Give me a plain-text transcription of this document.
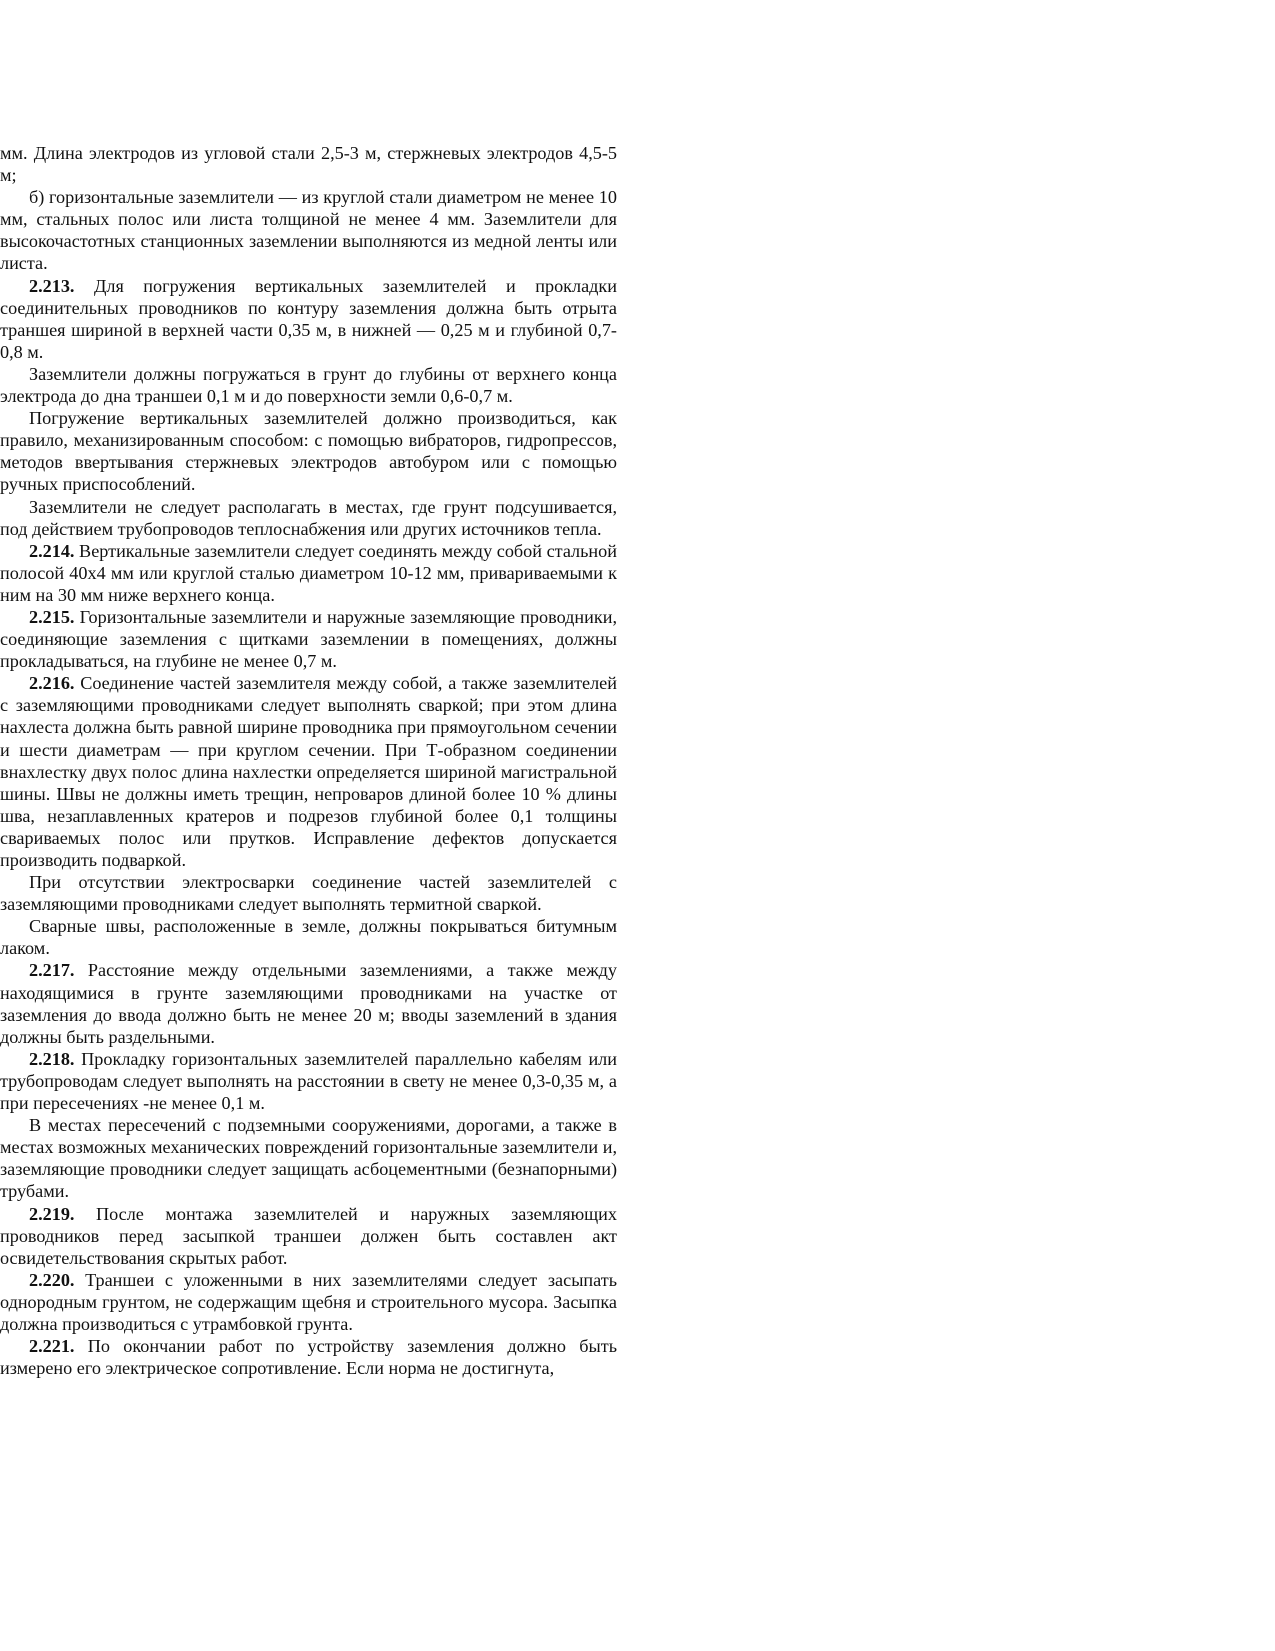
мм. Длина электродов из угловой стали 2,5-3 м, стержневых электродов 4,5-5 м;

б) горизонтальные заземлители — из круглой стали диаметром не менее 10 мм, стальных полос или листа толщиной не менее 4 мм. Заземлители для высокочастотных станционных заземлении выполняются из медной ленты или листа.

2.213. Для погружения вертикальных заземлителей и прокладки соединительных проводников по контуру заземления должна быть отрыта траншея шириной в верхней части 0,35 м, в нижней — 0,25 м и глубиной 0,7-0,8 м.

Заземлители должны погружаться в грунт до глубины от верхнего конца электрода до дна траншеи 0,1 м и до поверхности земли 0,6-0,7 м.

Погружение вертикальных заземлителей должно производиться, как правило, механизированным способом: с помощью вибраторов, гидропрессов, методов ввертывания стержневых электродов автобуром или с помощью ручных приспособлений.

Заземлители не следует располагать в местах, где грунт подсушивается, под действием трубопроводов теплоснабжения или других источников тепла.

2.214. Вертикальные заземлители следует соединять между собой стальной полосой 40х4 мм или круглой сталью диаметром 10-12 мм, привариваемыми к ним на 30 мм ниже верхнего конца.

2.215. Горизонтальные заземлители и наружные заземляющие проводники, соединяющие заземления с щитками заземлении в помещениях, должны прокладываться, на глубине не менее 0,7 м.

2.216. Соединение частей заземлителя между собой, а также заземлителей с заземляющими проводниками следует выполнять сваркой; при этом длина нахлеста должна быть равной ширине проводника при прямоугольном сечении и шести диаметрам — при круглом сечении. При Т-образном соединении внахлестку двух полос длина нахлестки определяется шириной магистральной шины. Швы не должны иметь трещин, непроваров длиной более 10 % длины шва, незаплавленных кратеров и подрезов глубиной более 0,1 толщины свариваемых полос или прутков. Исправление дефектов допускается производить подваркой.

При отсутствии электросварки соединение частей заземлителей с заземляющими проводниками следует выполнять термитной сваркой.

Сварные швы, расположенные в земле, должны покрываться битумным лаком.

2.217. Расстояние между отдельными заземлениями, а также между находящимися в грунте заземляющими проводниками на участке от заземления до ввода должно быть не менее 20 м; вводы заземлений в здания должны быть раздельными.

2.218. Прокладку горизонтальных заземлителей параллельно кабелям или трубопроводам следует выполнять на расстоянии в свету не менее 0,3-0,35 м, а при пересечениях -не менее 0,1 м.

В местах пересечений с подземными сооружениями, дорогами, а также в местах возможных механических повреждений горизонтальные заземлители и, заземляющие проводники следует защищать асбоцементными (безнапорными) трубами.

2.219. После монтажа заземлителей и наружных заземляющих проводников перед засыпкой траншеи должен быть составлен акт освидетельствования скрытых работ.

2.220. Траншеи с уложенными в них заземлителями следует засыпать однородным грунтом, не содержащим щебня и строительного мусора. Засыпка должна производиться с утрамбовкой грунта.

2.221. По окончании работ по устройству заземления должно быть измерено его электрическое сопротивление. Если норма не достигнута,
